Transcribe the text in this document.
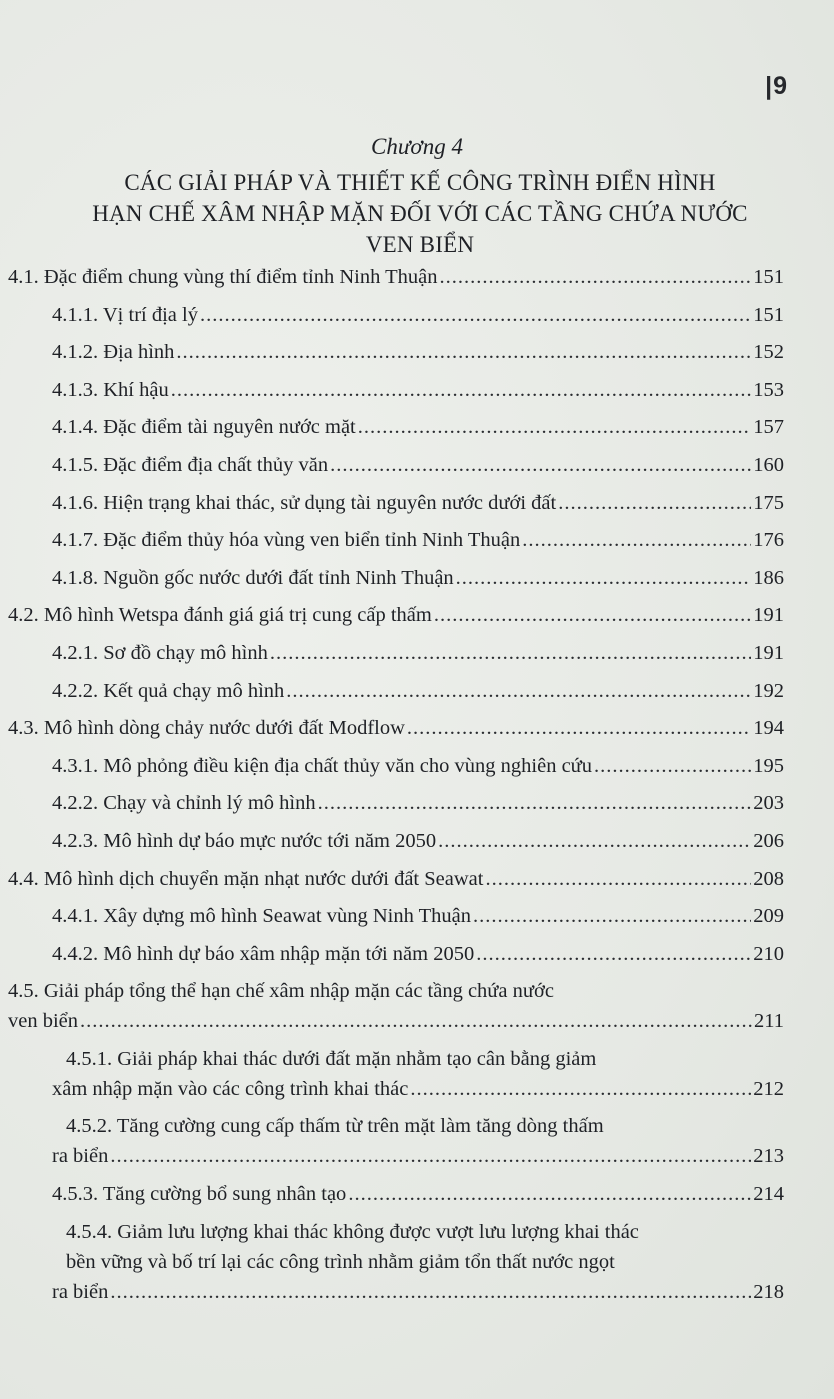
|9
Chương 4
CÁC GIẢI PHÁP VÀ THIẾT KẾ CÔNG TRÌNH ĐIỂN HÌNH
HẠN CHẾ XÂM NHẬP MẶN ĐỐI VỚI CÁC TẦNG CHỨA NƯỚC
VEN BIỂN
4.1. Đặc điểm chung vùng thí điểm tỉnh Ninh Thuận .....	151
4.1.1. Vị trí địa lý .....	151
4.1.2. Địa hình .....	152
4.1.3. Khí hậu .....	153
4.1.4. Đặc điểm tài nguyên nước mặt .....	157
4.1.5. Đặc điểm địa chất thủy văn .....	160
4.1.6. Hiện trạng khai thác, sử dụng tài nguyên nước dưới đất .....	175
4.1.7. Đặc điểm thủy hóa vùng ven biển tỉnh Ninh Thuận .....	176
4.1.8. Nguồn gốc nước dưới đất tỉnh Ninh Thuận .....	186
4.2. Mô hình Wetspa đánh giá giá trị cung cấp thấm .....	191
4.2.1. Sơ đồ chạy mô hình .....	191
4.2.2. Kết quả chạy mô hình .....	192
4.3. Mô hình dòng chảy nước dưới đất Modflow .....	194
4.3.1. Mô phỏng điều kiện địa chất thủy văn cho vùng nghiên cứu .....	195
4.2.2. Chạy và chỉnh lý mô hình .....	203
4.2.3. Mô hình dự báo mực nước tới năm 2050 .....	206
4.4. Mô hình dịch chuyển mặn nhạt nước dưới đất Seawat .....	208
4.4.1. Xây dựng mô hình Seawat vùng Ninh Thuận .....	209
4.4.2. Mô hình dự báo xâm nhập mặn tới năm 2050 .....	210
4.5. Giải pháp tổng thể hạn chế xâm nhập mặn các tầng chứa nước
ven biển .....	211
4.5.1. Giải pháp khai thác dưới đất mặn nhằm tạo cân bằng giảm
xâm nhập mặn vào các công trình khai thác .....	212
4.5.2. Tăng cường cung cấp thấm từ trên mặt làm tăng dòng thấm
ra biển .....	213
4.5.3. Tăng cường bổ sung nhân tạo .....	214
4.5.4. Giảm lưu lượng khai thác không được vượt lưu lượng khai thác
bền vững và bố trí lại các công trình nhằm giảm tổn thất nước ngọt
ra biển .....	218
